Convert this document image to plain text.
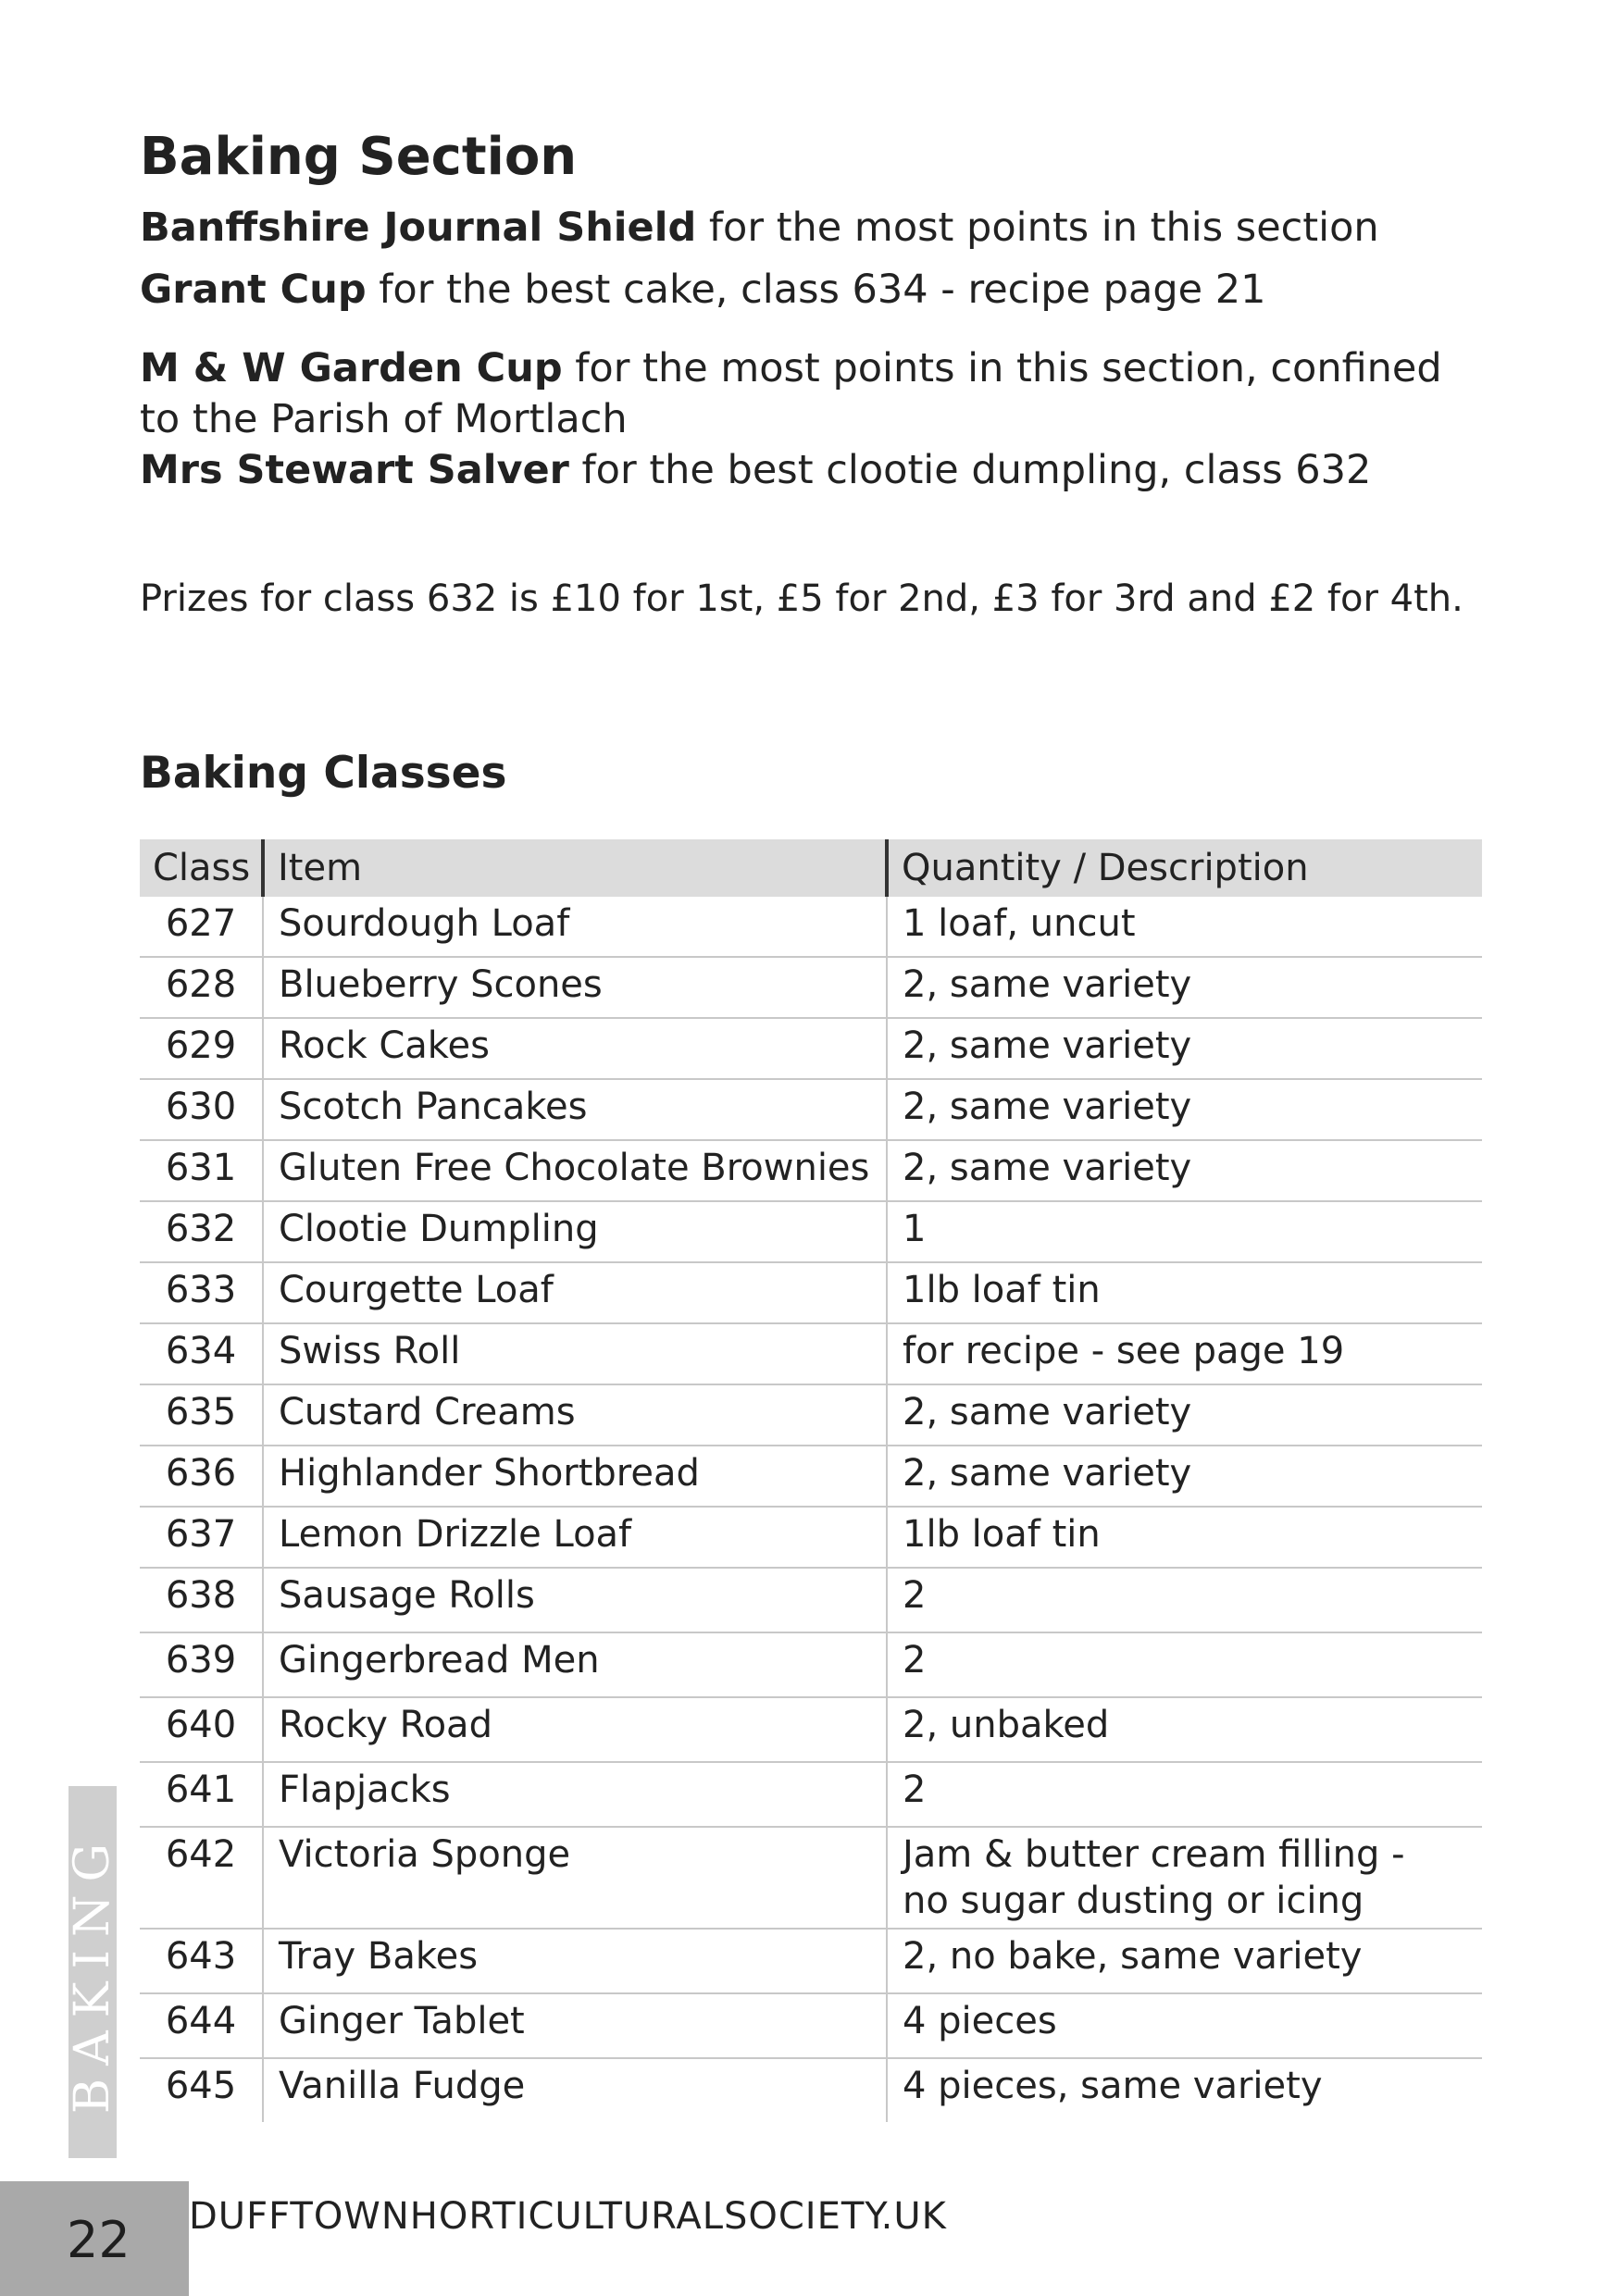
Baking Section

Banffshire Journal Shield for the most points in this section

Grant Cup for the best cake, class 634 - recipe page 21

M & W Garden Cup for the most points in this section, confined to the Parish of Mortlach

Mrs Stewart Salver for the best clootie dumpling, class 632

Prizes for class 632 is £10 for 1st, £5 for 2nd, £3 for 3rd and £2 for 4th.

Baking Classes
Class	Item	Quantity / Description
627	Sourdough Loaf	1 loaf, uncut
628	Blueberry Scones	2, same variety
629	Rock Cakes	2, same variety
630	Scotch Pancakes	2, same variety
631	Gluten Free Chocolate Brownies	2, same variety
632	Clootie Dumpling	1
633	Courgette Loaf	1lb loaf tin
634	Swiss Roll	for recipe - see page 19
635	Custard Creams	2, same variety
636	Highlander Shortbread	2, same variety
637	Lemon Drizzle Loaf	1lb loaf tin
638	Sausage Rolls	2
639	Gingerbread Men	2
640	Rocky Road	2, unbaked
641	Flapjacks	2
642	Victoria Sponge	Jam & butter cream filling - no sugar dusting or icing
643	Tray Bakes	2, no bake, same variety
644	Ginger Tablet	4 pieces
645	Vanilla Fudge	4 pieces, same variety
BAKING
22 DUFFTOWNHORTICULTURALSOCIETY.UK
